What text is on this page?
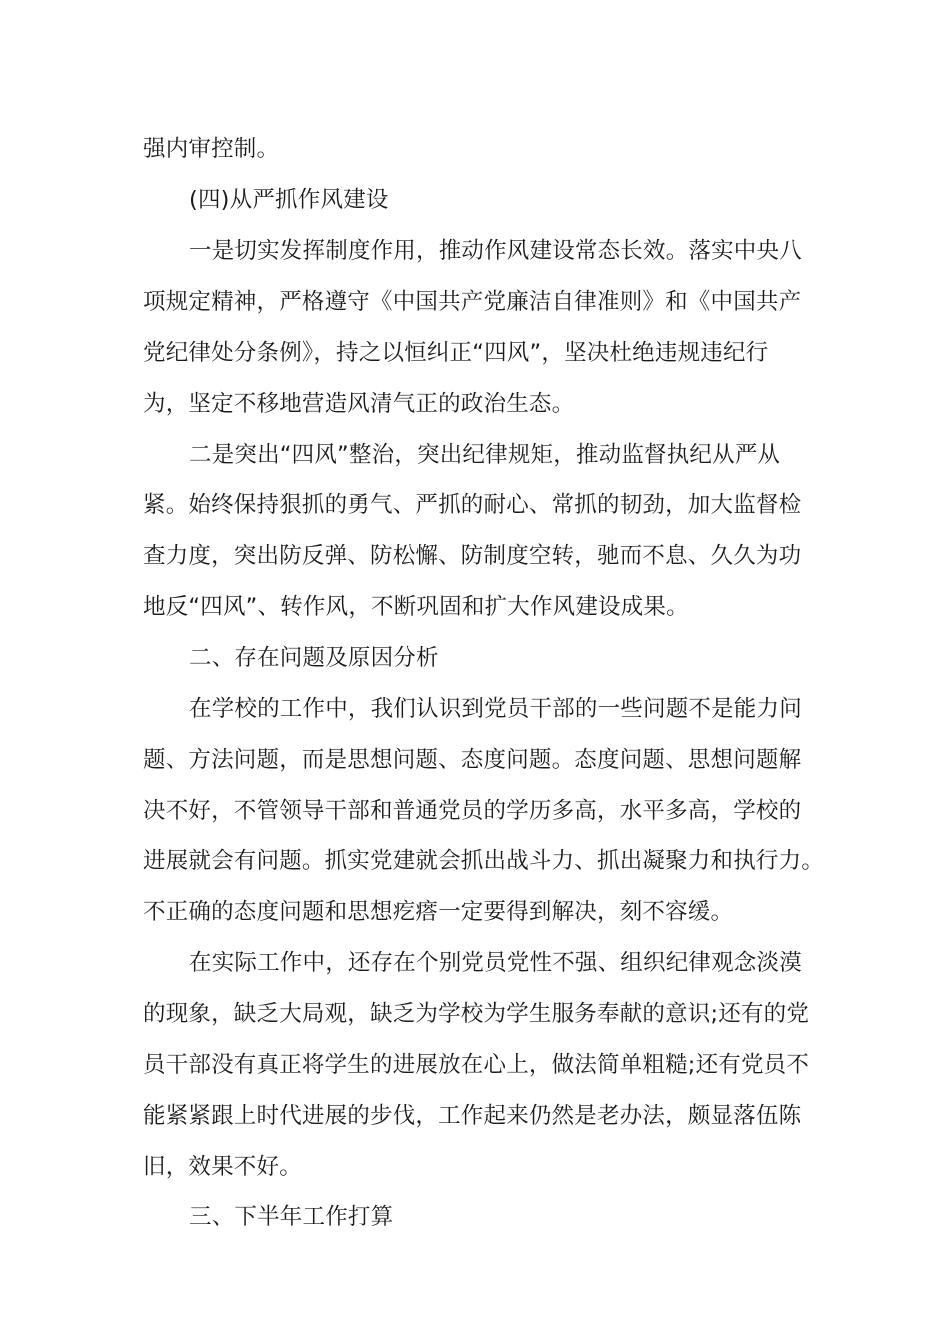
强内审控制。
(四)从严抓作风建设
一是切实发挥制度作用，推动作风建设常态长效。落实中央八
项规定精神，严格遵守《中国共产党廉洁自律准则》和《中国共产
党纪律处分条例》，持之以恒纠正“四风”，坚决杜绝违规违纪行
为，坚定不移地营造风清气正的政治生态。
二是突出“四风”整治，突出纪律规矩，推动监督执纪从严从
紧。始终保持狠抓的勇气、严抓的耐心、常抓的韧劲，加大监督检
查力度，突出防反弹、防松懈、防制度空转，驰而不息、久久为功
地反“四风”、转作风，不断巩固和扩大作风建设成果。
二、存在问题及原因分析
在学校的工作中，我们认识到党员干部的一些问题不是能力问
题、方法问题，而是思想问题、态度问题。态度问题、思想问题解
决不好，不管领导干部和普通党员的学历多高，水平多高，学校的
进展就会有问题。抓实党建就会抓出战斗力、抓出凝聚力和执行力。
不正确的态度问题和思想疙瘩一定要得到解决，刻不容缓。
在实际工作中，还存在个别党员党性不强、组织纪律观念淡漠
的现象，缺乏大局观，缺乏为学校为学生服务奉献的意识;还有的党
员干部没有真正将学生的进展放在心上，做法简单粗糙;还有党员不
能紧紧跟上时代进展的步伐，工作起来仍然是老办法，颇显落伍陈
旧，效果不好。
三、下半年工作打算
